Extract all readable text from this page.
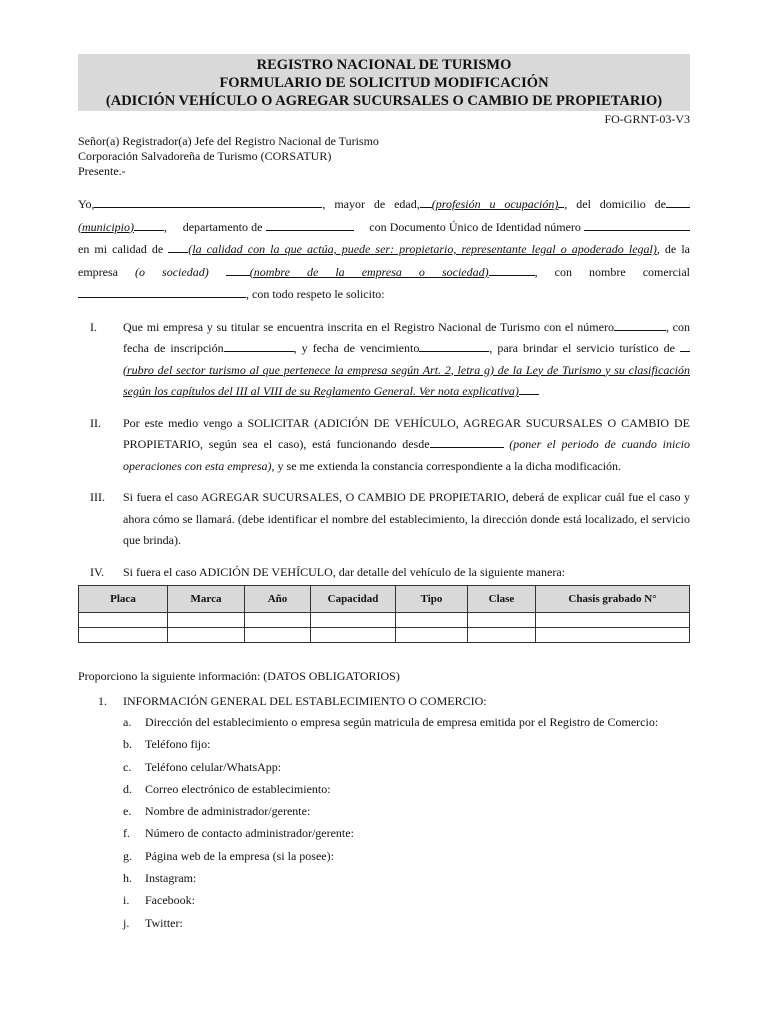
REGISTRO NACIONAL DE TURISMO
FORMULARIO DE SOLICITUD MODIFICACIÓN
(ADICIÓN VEHÍCULO O AGREGAR SUCURSALES O CAMBIO DE PROPIETARIO)
FO-GRNT-03-V3
Señor(a) Registrador(a) Jefe del Registro Nacional de Turismo
Corporación Salvadoreña de Turismo (CORSATUR)
Presente.-
Yo,	, mayor de edad, (profesión u ocupación) , del domicilio de(municipio)	,     departamento de	con Documento Único de Identidad número  en mi calidad de (la calidad con la que actúa, puede ser: propietario, representante legal o apoderado legal), de la empresa (o sociedad)	(nombre de la empresa o sociedad)	, con nombre comercial , con todo respeto le solicito:
I.	Que mi empresa y su titular se encuentra inscrita en el Registro Nacional de Turismo con el número	, con fecha de inscripción	, y fecha de vencimiento	, para brindar el servicio turístico de (rubro del sector turismo al que pertenece la empresa según Art. 2, letra g) de la Ley de Turismo y su clasificación según los capítulos del III al VIII de su Reglamento General. Ver nota explicativa)
II.	Por este medio vengo a SOLICITAR (ADICIÓN DE VEHÍCULO, AGREGAR SUCURSALES O CAMBIO DE PROPIETARIO, según sea el caso), está funcionando desde	(poner el periodo de cuando inicio operaciones con esta empresa), y se me extienda la constancia correspondiente a la dicha modificación.
III.	Si fuera el caso AGREGAR SUCURSALES, O CAMBIO DE PROPIETARIO, deberá de explicar cuál fue el caso y ahora cómo se llamará. (debe identificar el nombre del establecimiento, la dirección donde está localizado, el servicio que brinda).
IV.	Si fuera el caso ADICIÓN DE VEHÍCULO, dar detalle del vehículo de la siguiente manera:
Placa	Marca	Año	Capacidad	Tipo	Clase	Chasis grabado N°

Proporciono la siguiente información: (DATOS OBLIGATORIOS)
1.	INFORMACIÓN GENERAL DEL ESTABLECIMIENTO O COMERCIO:
a.	Dirección del establecimiento o empresa según matricula de empresa emitida por el Registro de Comercio:
b.	Teléfono fijo:
c.	Teléfono celular/WhatsApp:
d.	Correo electrónico de establecimiento:
e.	Nombre de administrador/gerente:
f.	Número de contacto administrador/gerente:
g.	Página web de la empresa (si la posee):
h.	Instagram:
i.	Facebook:
j.	Twitter:
